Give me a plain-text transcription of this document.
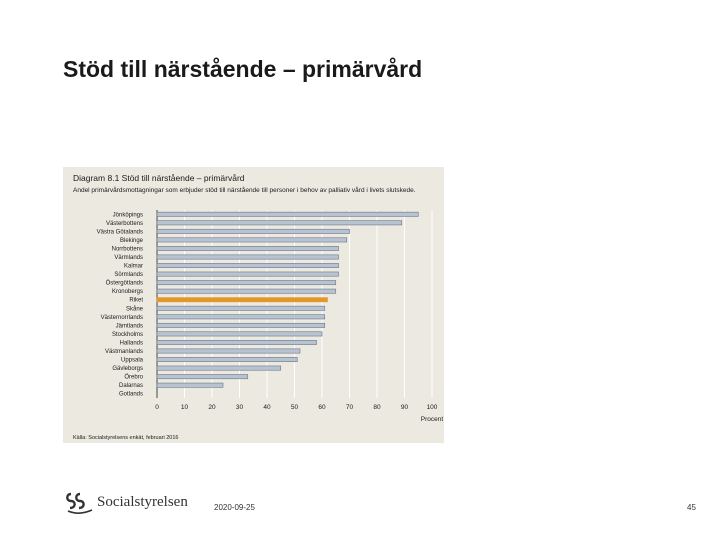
Stöd till närstående – primärvård
Diagram 8.1 Stöd till närstående – primärvård
Andel primärvårdsmottagningar som erbjuder stöd till närstående till personer i behov av palliativ vård i livets slutskede.
0	10	20	30	40	50	60	70	80	90	100
Jönköpings
Västerbottens
Västra Götalands
Blekinge
Norrbottens
Värmlands
Kalmar
Sörmlands
Östergötlands
Kronobergs
Riket
Skåne
Västernorrlands
Jämtlands
Stockholms
Hallands
Västmanlands
Uppsala
Gävleborgs
Örebro
Dalarnas
Gotlands
Procent
Källa: Socialstyrelsens enkät, februari 2016
Socialstyrelsen	2020-09-25	45
